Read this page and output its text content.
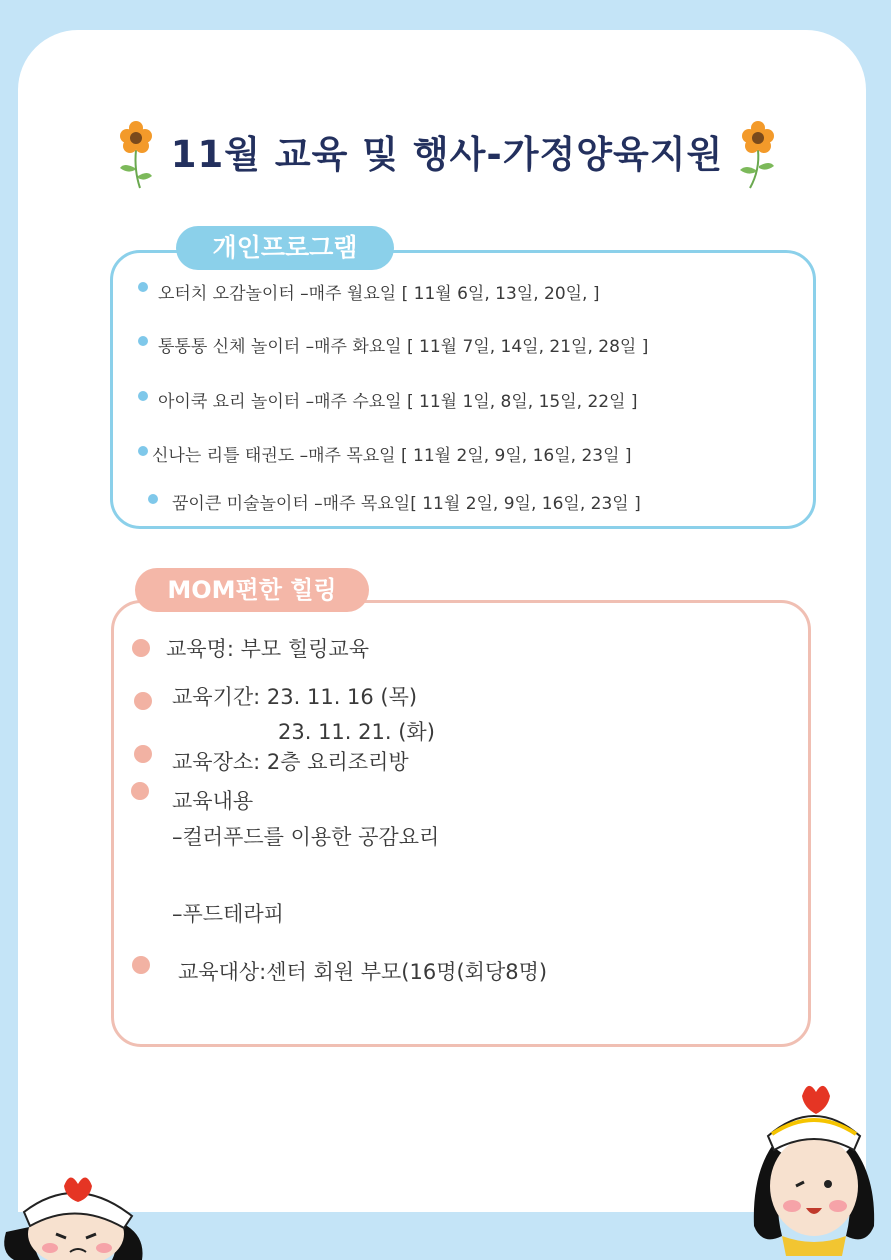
11월 교육 및 행사-가정양육지원
개인프로그램
오터치 오감놀이터 –매주 월요일 [ 11월 6일, 13일, 20일, ]
통통통 신체 놀이터 –매주 화요일 [ 11월 7일, 14일, 21일, 28일 ]
아이쿡 요리 놀이터 –매주 수요일 [ 11월 1일, 8일, 15일, 22일 ]
신나는 리틀 태권도 –매주 목요일 [ 11월 2일, 9일, 16일, 23일 ]
꿈이큰 미술놀이터 –매주 목요일[ 11월 2일, 9일, 16일, 23일 ]
MOM편한 힐링
교육명: 부모 힐링교육
교육기간: 23. 11. 16 (목)
23. 11. 21. (화)
교육장소: 2층 요리조리방
교육내용
–컬러푸드를 이용한 공감요리
–푸드테라피
교육대상:센터 회원 부모(16명(회당8명)
